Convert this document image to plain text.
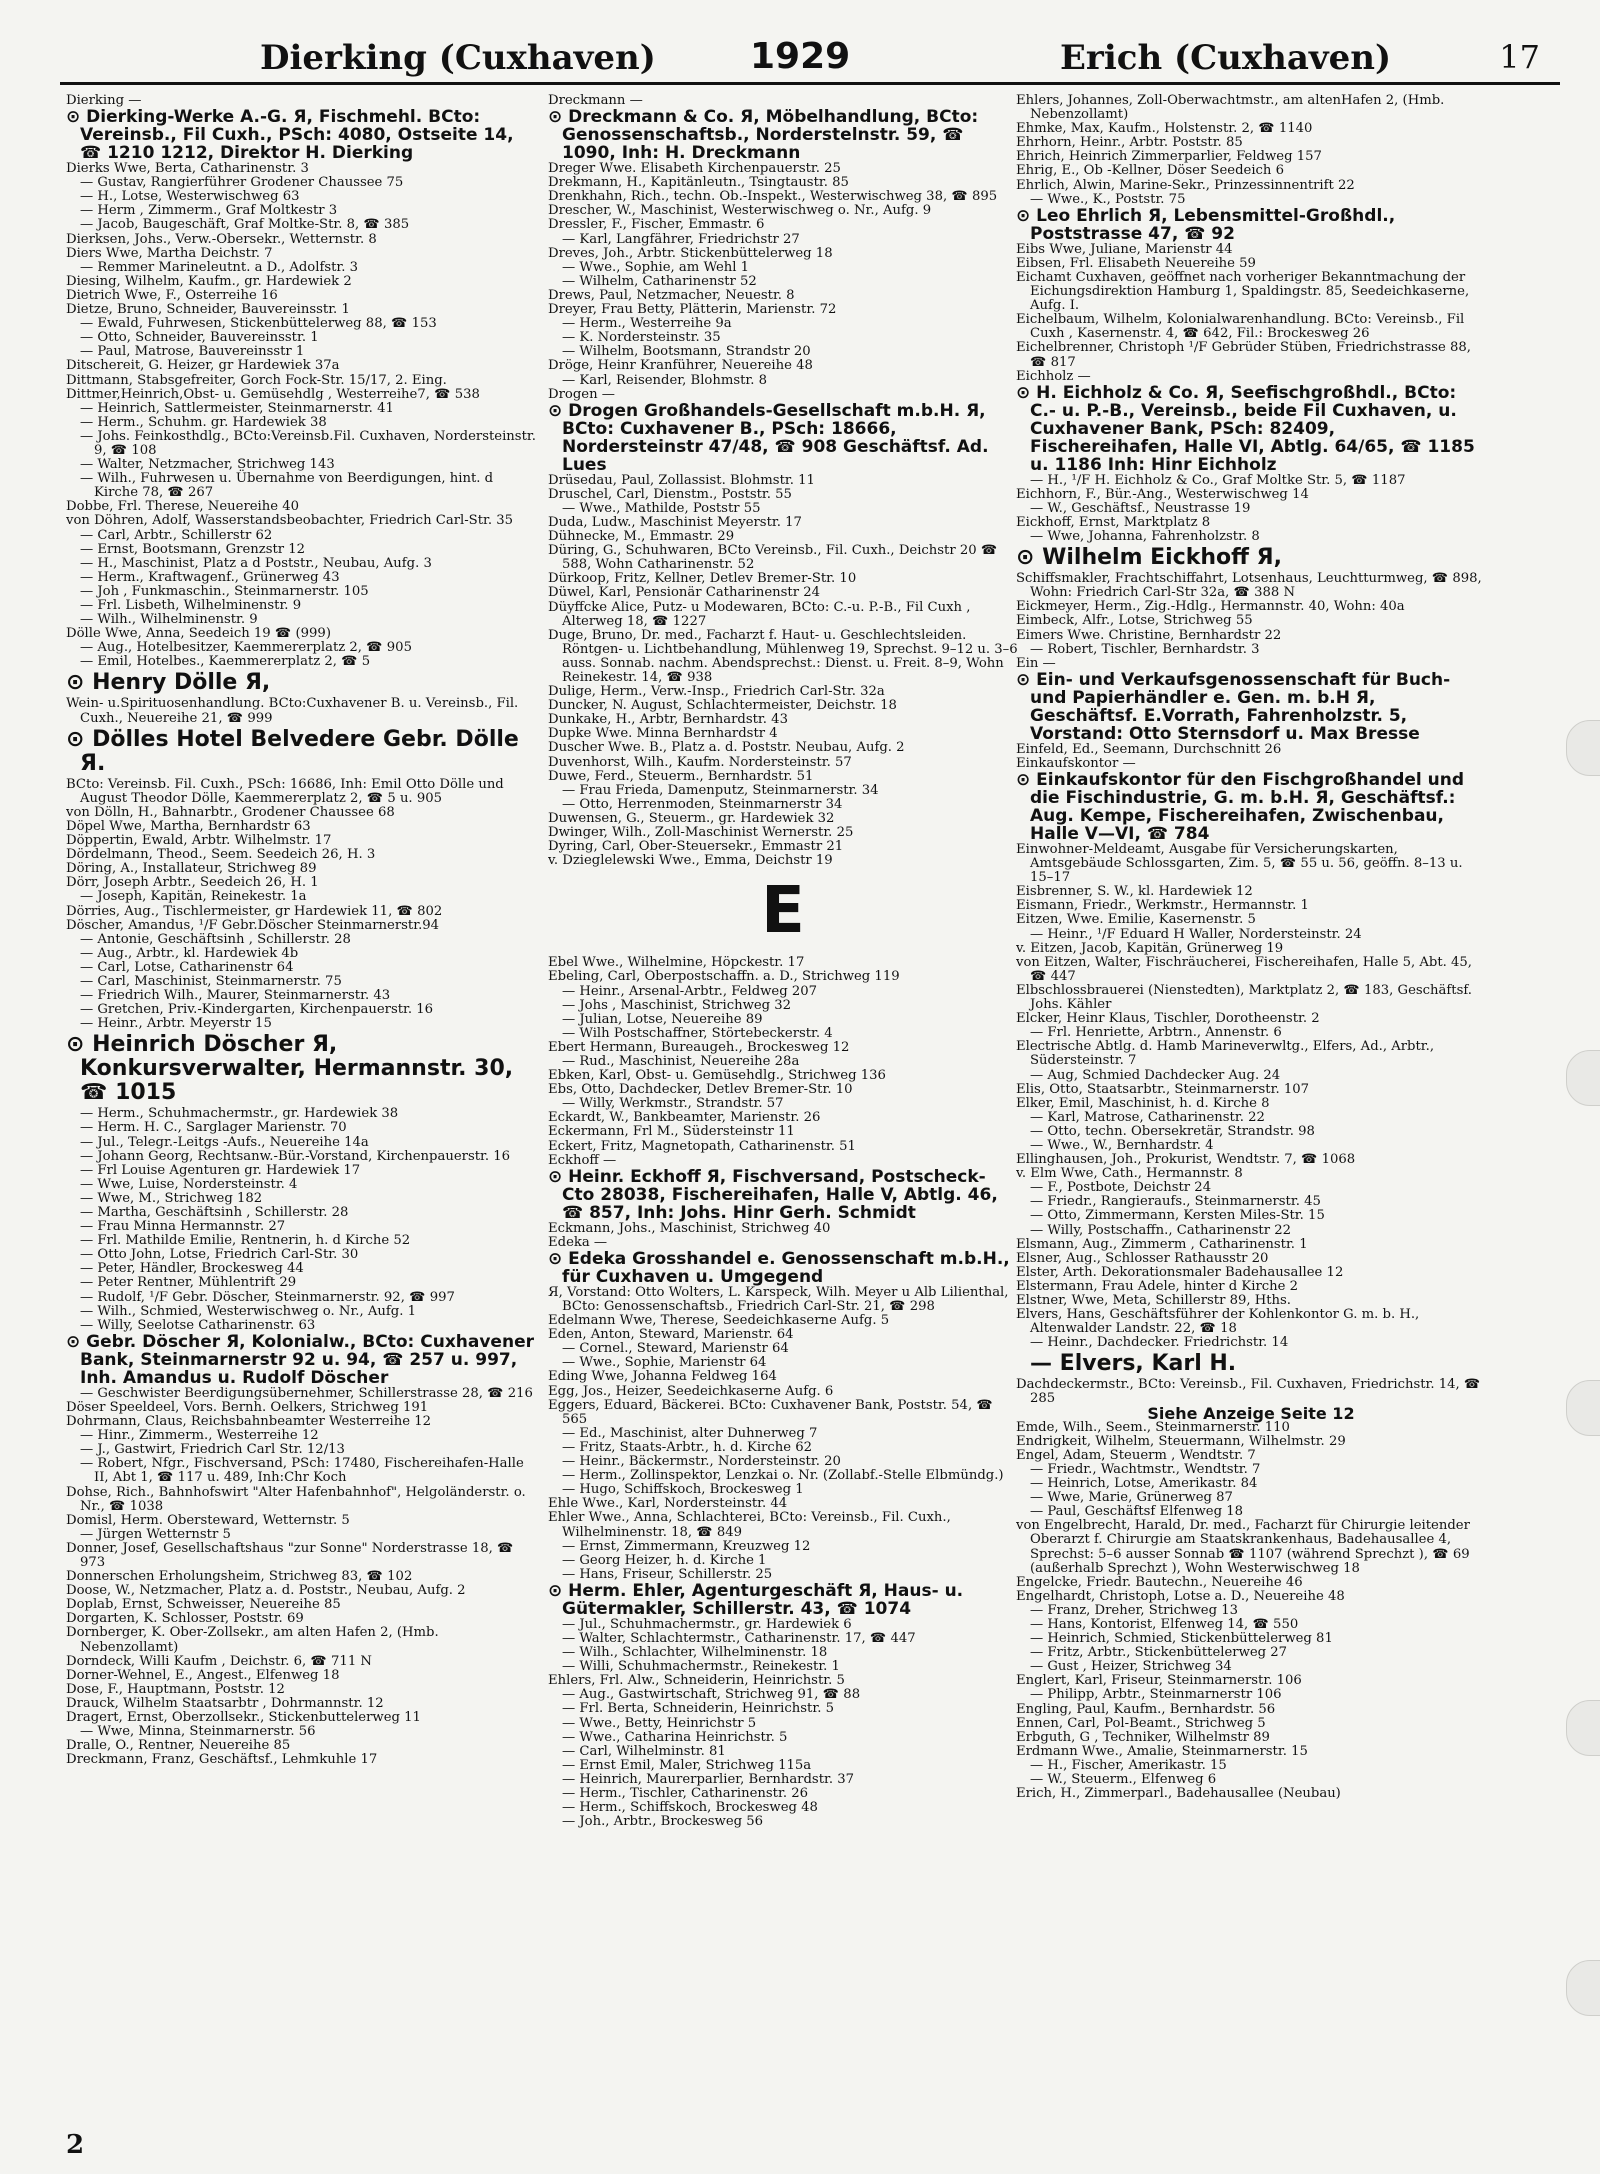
Dierking (Cuxhaven)	1929	Erich (Cuxhaven)	17

Dierking —

⊙ Dierking-Werke A.-G. Я, Fischmehl. BCto: Vereinsb., Fil Cuxh., PSch: 4080, Ostseite 14, ☎ 1210 1212, Direktor H. Dierking

Dierks Wwe, Berta, Catharinenstr. 3

— Gustav, Rangierführer Grodener Chaussee 75

— H., Lotse, Westerwischweg 63

— Herm , Zimmerm., Graf Moltkestr 3

— Jacob, Baugeschäft, Graf Moltke-Str. 8, ☎ 385

Dierksen, Johs., Verw.-Obersekr., Wetternstr. 8

Diers Wwe, Martha Deichstr. 7

— Remmer Marineleutnt. a D., Adolfstr. 3

Diesing, Wilhelm, Kaufm., gr. Hardewiek 2

Dietrich Wwe, F., Osterreihe 16

Dietze, Bruno, Schneider, Bauvereinsstr. 1

— Ewald, Fuhrwesen, Stickenbüttelerweg 88, ☎ 153

— Otto, Schneider, Bauvereinsstr. 1

— Paul, Matrose, Bauvereinsstr 1

Ditschereit, G. Heizer, gr Hardewiek 37a

Dittmann, Stabsgefreiter, Gorch Fock-Str. 15/17, 2. Eing.

Dittmer,Heinrich,Obst- u. Gemüsehdlg , Westerreihe7, ☎ 538

— Heinrich, Sattlermeister, Steinmarnerstr. 41

— Herm., Schuhm. gr. Hardewiek 38

— Johs. Feinkosthdlg., BCto:Vereinsb.Fil. Cuxhaven, Nordersteinstr. 9, ☎ 108

— Walter, Netzmacher, Strichweg 143

— Wilh., Fuhrwesen u. Übernahme von Beerdigungen, hint. d Kirche 78, ☎ 267

Dobbe, Frl. Therese, Neuereihe 40

von Döhren, Adolf, Wasserstandsbeobachter, Friedrich Carl-Str. 35

— Carl, Arbtr., Schillerstr 62

— Ernst, Bootsmann, Grenzstr 12

— H., Maschinist, Platz a d Poststr., Neubau, Aufg. 3

— Herm., Kraftwagenf., Grünerweg 43

— Joh , Funkmaschin., Steinmarnerstr. 105

— Frl. Lisbeth, Wilhelminenstr. 9

— Wilh., Wilhelminenstr. 9

Dölle Wwe, Anna, Seedeich 19 ☎ (999)

— Aug., Hotelbesitzer, Kaemmererplatz 2, ☎ 905

— Emil, Hotelbes., Kaemmererplatz 2, ☎ 5

⊙ Henry Dölle Я,

Wein- u.Spirituosenhandlung. BCto:Cuxhavener B. u. Vereinsb., Fil. Cuxh., Neuereihe 21, ☎ 999

⊙ Dölles Hotel Belvedere Gebr. Dölle Я.

BCto: Vereinsb. Fil. Cuxh., PSch: 16686, Inh: Emil Otto Dölle und August Theodor Dölle, Kaemmererplatz 2, ☎ 5 u. 905

von Dölln, H., Bahnarbtr., Grodener Chaussee 68

Döpel Wwe, Martha, Bernhardstr 63

Döppertin, Ewald, Arbtr. Wilhelmstr. 17

Dördelmann, Theod., Seem. Seedeich 26, H. 3

Döring, A., Installateur, Strichweg 89

Dörr, Joseph Arbtr., Seedeich 26, H. 1

— Joseph, Kapitän, Reinekestr. 1a

Dörries, Aug., Tischlermeister, gr Hardewiek 11, ☎ 802

Döscher, Amandus, ¹/F Gebr.Döscher Steinmarnerstr.94

— Antonie, Geschäftsinh , Schillerstr. 28

— Aug., Arbtr., kl. Hardewiek 4b

— Carl, Lotse, Catharinenstr 64

— Carl, Maschinist, Steinmarnerstr. 75

— Friedrich Wilh., Maurer, Steinmarnerstr. 43

— Gretchen, Priv.-Kindergarten, Kirchenpauerstr. 16

— Heinr., Arbtr. Meyerstr 15

⊙ Heinrich Döscher Я, Konkursverwalter, Hermannstr. 30, ☎ 1015

— Herm., Schuhmachermstr., gr. Hardewiek 38

— Herm. H. C., Sarglager Marienstr. 70

— Jul., Telegr.-Leitgs -Aufs., Neuereihe 14a

— Johann Georg, Rechtsanw.-Bür.-Vorstand, Kirchenpauerstr. 16

— Frl Louise Agenturen gr. Hardewiek 17

— Wwe, Luise, Nordersteinstr. 4

— Wwe, M., Strichweg 182

— Martha, Geschäftsinh , Schillerstr. 28

— Frau Minna Hermannstr. 27

— Frl. Mathilde Emilie, Rentnerin, h. d Kirche 52

— Otto John, Lotse, Friedrich Carl-Str. 30

— Peter, Händler, Brockesweg 44

— Peter Rentner, Mühlentrift 29

— Rudolf, ¹/F Gebr. Döscher, Steinmarnerstr. 92, ☎ 997

— Wilh., Schmied, Westerwischweg o. Nr., Aufg. 1

— Willy, Seelotse Catharinenstr. 63

⊙ Gebr. Döscher Я, Kolonialw., BCto: Cuxhavener Bank, Steinmarnerstr 92 u. 94, ☎ 257 u. 997, Inh. Amandus u. Rudolf Döscher

— Geschwister Beerdigungsübernehmer, Schillerstrasse 28, ☎ 216

Döser Speeldeel, Vors. Bernh. Oelkers, Strichweg 191

Dohrmann, Claus, Reichsbahnbeamter Westerreihe 12

— Hinr., Zimmerm., Westerreihe 12

— J., Gastwirt, Friedrich Carl Str. 12/13

— Robert, Nfgr., Fischversand, PSch: 17480, Fischereihafen-Halle II, Abt 1, ☎ 117 u. 489, Inh:Chr Koch

Dohse, Rich., Bahnhofswirt "Alter Hafenbahnhof", Helgoländerstr. o. Nr., ☎ 1038

Domisl, Herm. Obersteward, Wetternstr. 5

— Jürgen Wetternstr 5

Donner, Josef, Gesellschaftshaus "zur Sonne" Norderstrasse 18, ☎ 973

Donnerschen Erholungsheim, Strichweg 83, ☎ 102

Doose, W., Netzmacher, Platz a. d. Poststr., Neubau, Aufg. 2

Doplab, Ernst, Schweisser, Neuereihe 85

Dorgarten, K. Schlosser, Poststr. 69

Dornberger, K. Ober-Zollsekr., am alten Hafen 2, (Hmb. Nebenzollamt)

Dorndeck, Willi Kaufm , Deichstr. 6, ☎ 711 N

Dorner-Wehnel, E., Angest., Elfenweg 18

Dose, F., Hauptmann, Poststr. 12

Drauck, Wilhelm Staatsarbtr , Dohrmannstr. 12

Dragert, Ernst, Oberzollsekr., Stickenbuttelerweg 11

— Wwe, Minna, Steinmarnerstr. 56

Dralle, O., Rentner, Neuereihe 85

Dreckmann, Franz, Geschäftsf., Lehmkuhle 17

Dreckmann —

⊙ Dreckmann & Co. Я, Möbelhandlung, BCto: Genossenschaftsb., Norderstelnstr. 59, ☎ 1090, Inh: H. Dreckmann

Dreger Wwe. Elisabeth Kirchenpauerstr. 25

Drekmann, H., Kapitänleutn., Tsingtaustr. 85

Drenkhahn, Rich., techn. Ob.-Inspekt., Westerwischweg 38, ☎ 895

Drescher, W., Maschinist, Westerwischweg o. Nr., Aufg. 9

Dressler, F., Fischer, Emmastr. 6

— Karl, Langfährer, Friedrichstr 27

Dreves, Joh., Arbtr. Stickenbüttelerweg 18

— Wwe., Sophie, am Wehl 1

— Wilhelm, Catharinenstr 52

Drews, Paul, Netzmacher, Neuestr. 8

Dreyer, Frau Betty, Plätterin, Marienstr. 72

— Herm., Westerreihe 9a

— K. Nordersteinstr. 35

— Wilhelm, Bootsmann, Strandstr 20

Dröge, Heinr Kranführer, Neuereihe 48

— Karl, Reisender, Blohmstr. 8

Drogen —

⊙ Drogen Großhandels-Gesellschaft m.b.H. Я, BCto: Cuxhavener B., PSch: 18666, Nordersteinstr 47/48, ☎ 908 Geschäftsf. Ad. Lues

Drüsedau, Paul, Zollassist. Blohmstr. 11

Druschel, Carl, Dienstm., Poststr. 55

— Wwe., Mathilde, Poststr 55

Duda, Ludw., Maschinist Meyerstr. 17

Dühnecke, M., Emmastr. 29

Düring, G., Schuhwaren, BCto Vereinsb., Fil. Cuxh., Deichstr 20 ☎ 588, Wohn Catharinenstr. 52

Dürkoop, Fritz, Kellner, Detlev Bremer-Str. 10

Düwel, Karl, Pensionär Catharinenstr 24

Düyffcke Alice, Putz- u Modewaren, BCto: C.-u. P.-B., Fil Cuxh , Alterweg 18, ☎ 1227

Duge, Bruno, Dr. med., Facharzt f. Haut- u. Geschlechtsleiden. Röntgen- u. Lichtbehandlung, Mühlenweg 19, Sprechst. 9–12 u. 3–6 auss. Sonnab. nachm. Abendsprechst.: Dienst. u. Freit. 8–9, Wohn Reinekestr. 14, ☎ 938

Dulige, Herm., Verw.-Insp., Friedrich Carl-Str. 32a

Duncker, N. August, Schlachtermeister, Deichstr. 18

Dunkake, H., Arbtr, Bernhardstr. 43

Dupke Wwe. Minna Bernhardstr 4

Duscher Wwe. B., Platz a. d. Poststr. Neubau, Aufg. 2

Duvenhorst, Wilh., Kaufm. Nordersteinstr. 57

Duwe, Ferd., Steuerm., Bernhardstr. 51

— Frau Frieda, Damenputz, Steinmarnerstr. 34

— Otto, Herrenmoden, Steinmarnerstr 34

Duwensen, G., Steuerm., gr. Hardewiek 32

Dwinger, Wilh., Zoll-Maschinist Wernerstr. 25

Dyring, Carl, Ober-Steuersekr., Emmastr 21

v. Dzieglelewski Wwe., Emma, Deichstr 19

E

Ebel Wwe., Wilhelmine, Höpckestr. 17

Ebeling, Carl, Oberpostschaffn. a. D., Strichweg 119

— Heinr., Arsenal-Arbtr., Feldweg 207

— Johs , Maschinist, Strichweg 32

— Julian, Lotse, Neuereihe 89

— Wilh Postschaffner, Störtebeckerstr. 4

Ebert Hermann, Bureaugeh., Brockesweg 12

— Rud., Maschinist, Neuereihe 28a

Ebken, Karl, Obst- u. Gemüsehdlg., Strichweg 136

Ebs, Otto, Dachdecker, Detlev Bremer-Str. 10

— Willy, Werkmstr., Strandstr. 57

Eckardt, W., Bankbeamter, Marienstr. 26

Eckermann, Frl M., Südersteinstr 11

Eckert, Fritz, Magnetopath, Catharinenstr. 51

Eckhoff —

⊙ Heinr. Eckhoff Я, Fischversand, Postscheck-Cto 28038, Fischereihafen, Halle V, Abtlg. 46, ☎ 857, Inh: Johs. Hinr Gerh. Schmidt

Eckmann, Johs., Maschinist, Strichweg 40

Edeka —

⊙ Edeka Grosshandel e. Genossenschaft m.b.H., für Cuxhaven u. Umgegend

Я, Vorstand: Otto Wolters, L. Karspeck, Wilh. Meyer u Alb Lilienthal, BCto: Genossenschaftsb., Friedrich Carl-Str. 21, ☎ 298

Edelmann Wwe, Therese, Seedeichkaserne Aufg. 5

Eden, Anton, Steward, Marienstr. 64

— Cornel., Steward, Marienstr 64

— Wwe., Sophie, Marienstr 64

Eding Wwe, Johanna Feldweg 164

Egg, Jos., Heizer, Seedeichkaserne Aufg. 6

Eggers, Eduard, Bäckerei. BCto: Cuxhavener Bank, Poststr. 54, ☎ 565

— Ed., Maschinist, alter Duhnerweg 7

— Fritz, Staats-Arbtr., h. d. Kirche 62

— Heinr., Bäckermstr., Nordersteinstr. 20

— Herm., Zollinspektor, Lenzkai o. Nr. (Zollabf.-Stelle Elbmündg.)

— Hugo, Schiffskoch, Brockesweg 1

Ehle Wwe., Karl, Nordersteinstr. 44

Ehler Wwe., Anna, Schlachterei, BCto: Vereinsb., Fil. Cuxh., Wilhelminenstr. 18, ☎ 849

— Ernst, Zimmermann, Kreuzweg 12

— Georg Heizer, h. d. Kirche 1

— Hans, Friseur, Schillerstr. 25

⊙ Herm. Ehler, Agenturgeschäft Я, Haus- u. Gütermakler, Schillerstr. 43, ☎ 1074

— Jul., Schuhmachermstr., gr. Hardewiek 6

— Walter, Schlachtermstr., Catharinenstr. 17, ☎ 447

— Wilh., Schlachter, Wilhelminenstr. 18

— Willi, Schuhmachermstr., Reinekestr. 1

Ehlers, Frl. Alw., Schneiderin, Heinrichstr. 5

— Aug., Gastwirtschaft, Strichweg 91, ☎ 88

— Frl. Berta, Schneiderin, Heinrichstr. 5

— Wwe., Betty, Heinrichstr 5

— Wwe., Catharina Heinrichstr. 5

— Carl, Wilhelminstr. 81

— Ernst Emil, Maler, Strichweg 115a

— Heinrich, Maurerparlier, Bernhardstr. 37

— Herm., Tischler, Catharinenstr. 26

— Herm., Schiffskoch, Brockesweg 48

— Joh., Arbtr., Brockesweg 56

Ehlers, Johannes, Zoll-Oberwachtmstr., am altenHafen 2, (Hmb. Nebenzollamt)

Ehmke, Max, Kaufm., Holstenstr. 2, ☎ 1140

Ehrhorn, Heinr., Arbtr. Poststr. 85

Ehrich, Heinrich Zimmerparlier, Feldweg 157

Ehrig, E., Ob -Kellner, Döser Seedeich 6

Ehrlich, Alwin, Marine-Sekr., Prinzessinnentrift 22

— Wwe., K., Poststr. 75

⊙ Leo Ehrlich Я, Lebensmittel-Großhdl., Poststrasse 47, ☎ 92

Eibs Wwe, Juliane, Marienstr 44

Eibsen, Frl. Elisabeth Neuereihe 59

Eichamt Cuxhaven, geöffnet nach vorheriger Bekanntmachung der Eichungsdirektion Hamburg 1, Spaldingstr. 85, Seedeichkaserne, Aufg. I.

Eichelbaum, Wilhelm, Kolonialwarenhandlung. BCto: Vereinsb., Fil Cuxh , Kasernenstr. 4, ☎ 642, Fil.: Brockesweg 26

Eichelbrenner, Christoph ¹/F Gebrüder Stüben, Friedrichstrasse 88, ☎ 817

Eichholz —

⊙ H. Eichholz & Co. Я, Seefischgroßhdl., BCto: C.- u. P.-B., Vereinsb., beide Fil Cuxhaven, u. Cuxhavener Bank, PSch: 82409, Fischereihafen, Halle VI, Abtlg. 64/65, ☎ 1185 u. 1186 Inh: Hinr Eichholz

— H., ¹/F H. Eichholz & Co., Graf Moltke Str. 5, ☎ 1187

Eichhorn, F., Bür.-Ang., Westerwischweg 14

— W., Geschäftsf., Neustrasse 19

Eickhoff, Ernst, Marktplatz 8

— Wwe, Johanna, Fahrenholzstr. 8

⊙ Wilhelm Eickhoff Я,

Schiffsmakler, Frachtschiffahrt, Lotsenhaus, Leuchtturmweg, ☎ 898, Wohn: Friedrich Carl-Str 32a, ☎ 388 N

Eickmeyer, Herm., Zig.-Hdlg., Hermannstr. 40, Wohn: 40a

Eimbeck, Alfr., Lotse, Strichweg 55

Eimers Wwe. Christine, Bernhardstr 22

— Robert, Tischler, Bernhardstr. 3

Ein —

⊙ Ein- und Verkaufsgenossenschaft für Buch- und Papierhändler e. Gen. m. b.H Я, Geschäftsf. E.Vorrath, Fahrenholzstr. 5, Vorstand: Otto Sternsdorf u. Max Bresse

Einfeld, Ed., Seemann, Durchschnitt 26

Einkaufskontor —

⊙ Einkaufskontor für den Fischgroßhandel und die Fischindustrie, G. m. b.H. Я, Geschäftsf.: Aug. Kempe, Fischereihafen, Zwischenbau, Halle V—VI, ☎ 784

Einwohner-Meldeamt, Ausgabe für Versicherungskarten, Amtsgebäude Schlossgarten, Zim. 5, ☎ 55 u. 56, geöffn. 8–13 u. 15–17

Eisbrenner, S. W., kl. Hardewiek 12

Eismann, Friedr., Werkmstr., Hermannstr. 1

Eitzen, Wwe. Emilie, Kasernenstr. 5

— Heinr., ¹/F Eduard H Waller, Nordersteinstr. 24

v. Eitzen, Jacob, Kapitän, Grünerweg 19

von Eitzen, Walter, Fischräucherei, Fischereihafen, Halle 5, Abt. 45, ☎ 447

Elbschlossbrauerei (Nienstedten), Marktplatz 2, ☎ 183, Geschäftsf. Johs. Kähler

Elcker, Heinr Klaus, Tischler, Dorotheenstr. 2

— Frl. Henriette, Arbtrn., Annenstr. 6

Electrische Abtlg. d. Hamb Marineverwltg., Elfers, Ad., Arbtr., Südersteinstr. 7

— Aug, Schmied Dachdecker Aug. 24

Elis, Otto, Staatsarbtr., Steinmarnerstr. 107

Elker, Emil, Maschinist, h. d. Kirche 8

— Karl, Matrose, Catharinenstr. 22

— Otto, techn. Obersekretär, Strandstr. 98

— Wwe., W., Bernhardstr. 4

Ellinghausen, Joh., Prokurist, Wendtstr. 7, ☎ 1068

v. Elm Wwe, Cath., Hermannstr. 8

— F., Postbote, Deichstr 24

— Friedr., Rangieraufs., Steinmarnerstr. 45

— Otto, Zimmermann, Kersten Miles-Str. 15

— Willy, Postschaffn., Catharinenstr 22

Elsmann, Aug., Zimmerm , Catharinenstr. 1

Elsner, Aug., Schlosser Rathausstr 20

Elster, Arth. Dekorationsmaler Badehausallee 12

Elstermann, Frau Adele, hinter d Kirche 2

Elstner, Wwe, Meta, Schillerstr 89, Hths.

Elvers, Hans, Geschäftsführer der Kohlenkontor G. m. b. H., Altenwalder Landstr. 22, ☎ 18

— Heinr., Dachdecker. Friedrichstr. 14

— Elvers, Karl H.

Dachdeckermstr., BCto: Vereinsb., Fil. Cuxhaven, Friedrichstr. 14, ☎ 285

Siehe Anzeige Seite 12

Emde, Wilh., Seem., Steinmarnerstr. 110

Endrigkeit, Wilhelm, Steuermann, Wilhelmstr. 29

Engel, Adam, Steuerm , Wendtstr. 7

— Friedr., Wachtmstr., Wendtstr. 7

— Heinrich, Lotse, Amerikastr. 84

— Wwe, Marie, Grünerweg 87

— Paul, Geschäftsf Elfenweg 18

von Engelbrecht, Harald, Dr. med., Facharzt für Chirurgie leitender Oberarzt f. Chirurgie am Staatskrankenhaus, Badehausallee 4, Sprechst: 5–6 ausser Sonnab ☎ 1107 (während Sprechzt ), ☎ 69 (außerhalb Sprechzt ), Wohn Westerwischweg 18

Engelcke, Friedr. Bautechn., Neuereihe 46

Engelhardt, Christoph, Lotse a. D., Neuereihe 48

— Franz, Dreher, Strichweg 13

— Hans, Kontorist, Elfenweg 14, ☎ 550

— Heinrich, Schmied, Stickenbüttelerweg 81

— Fritz, Arbtr., Stickenbüttelerweg 27

— Gust , Heizer, Strichweg 34

Englert, Karl, Friseur, Steinmarnerstr. 106

— Philipp, Arbtr., Steinmarnerstr 106

Engling, Paul, Kaufm., Bernhardstr. 56

Ennen, Carl, Pol-Beamt., Strichweg 5

Erbguth, G , Techniker, Wilhelmstr 89

Erdmann Wwe., Amalie, Steinmarnerstr. 15

— H., Fischer, Amerikastr. 15

— W., Steuerm., Elfenweg 6

Erich, H., Zimmerparl., Badehausallee (Neubau)

2
